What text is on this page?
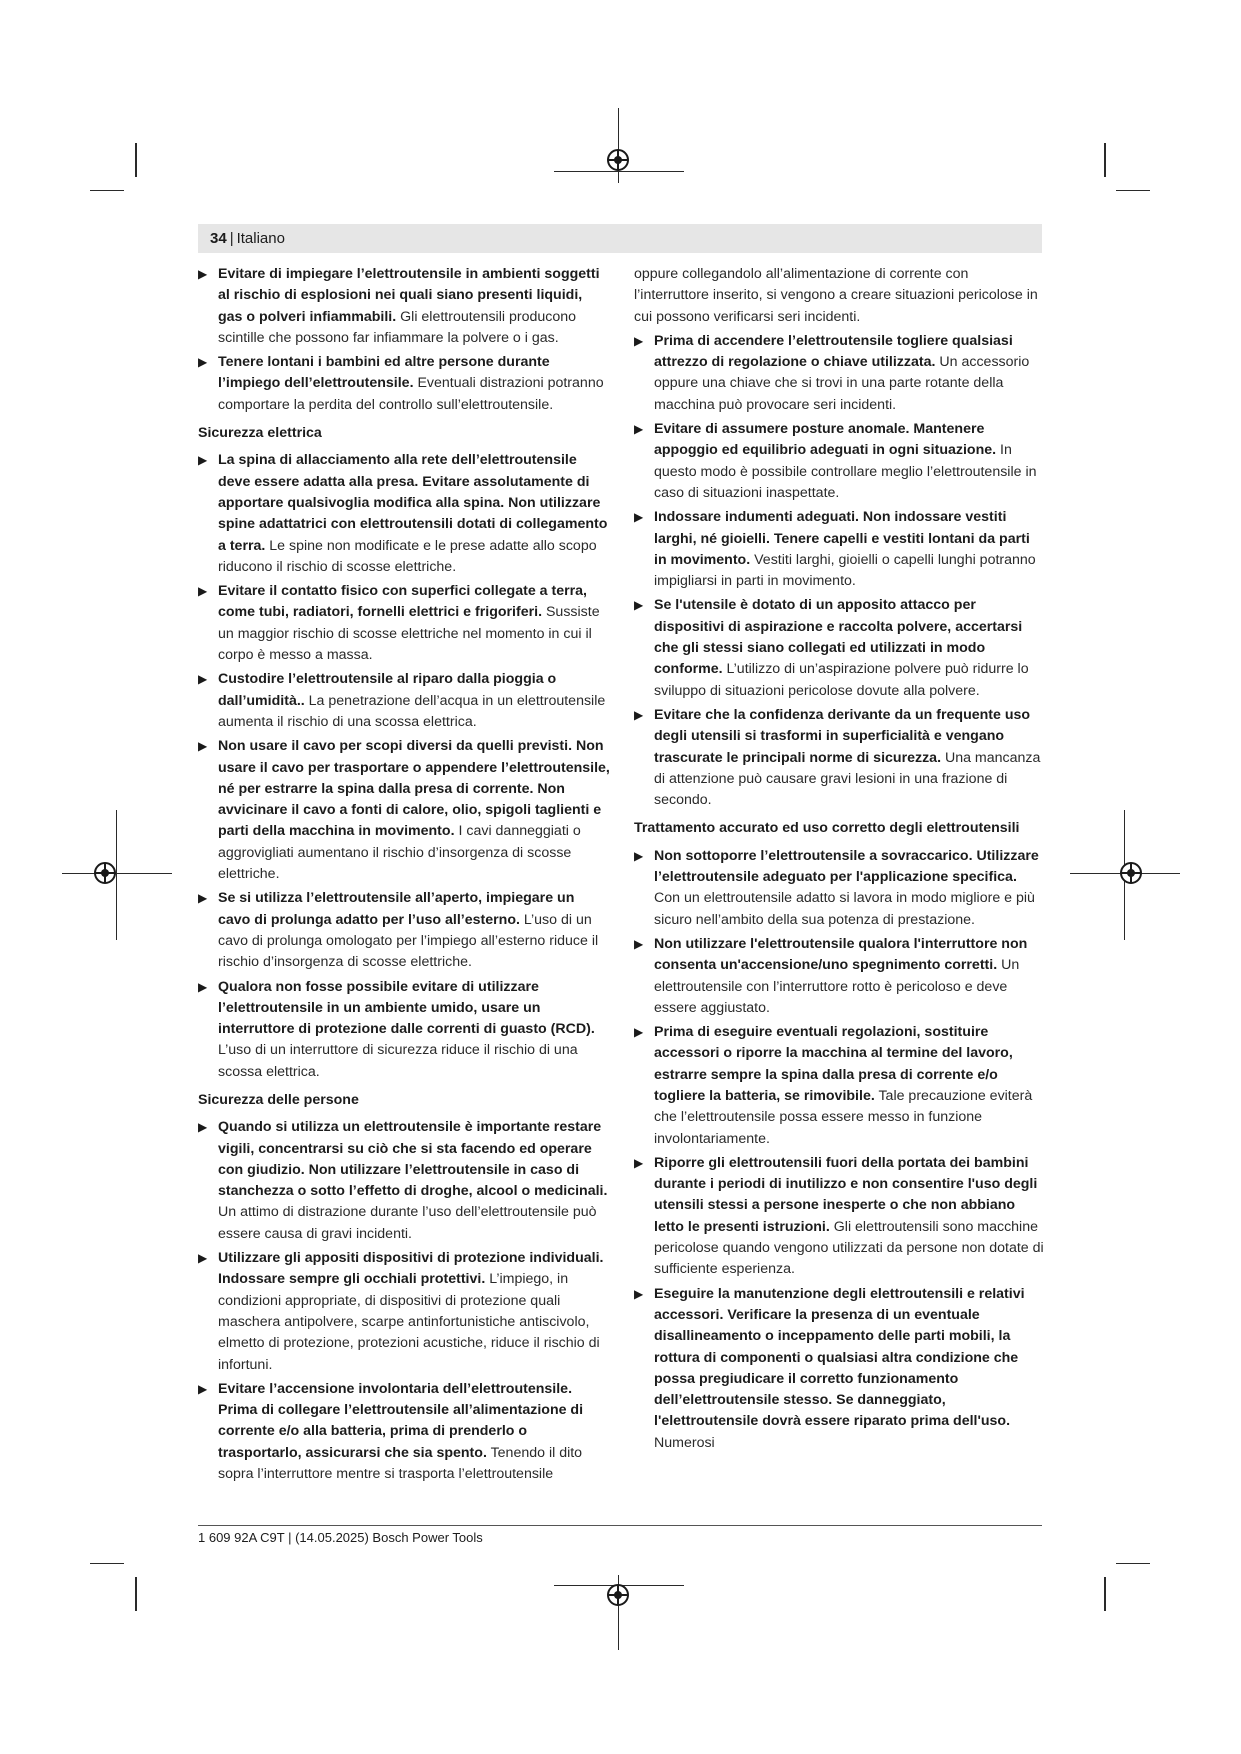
34 | Italiano
▶ Evitare di impiegare l’elettroutensile in ambienti soggetti al rischio di esplosioni nei quali siano presenti liquidi, gas o polveri infiammabili. Gli elettroutensili producono scintille che possono far infiammare la polvere o i gas.
▶ Tenere lontani i bambini ed altre persone durante l’impiego dell’elettroutensile. Eventuali distrazioni potranno comportare la perdita del controllo sull’elettroutensile.
Sicurezza elettrica
▶ La spina di allacciamento alla rete dell’elettroutensile deve essere adatta alla presa. Evitare assolutamente di apportare qualsivoglia modifica alla spina. Non utilizzare spine adattatrici con elettroutensili dotati di collegamento a terra. Le spine non modificate e le prese adatte allo scopo riducono il rischio di scosse elettriche.
▶ Evitare il contatto fisico con superfici collegate a terra, come tubi, radiatori, fornelli elettrici e frigoriferi. Sussiste un maggior rischio di scosse elettriche nel momento in cui il corpo è messo a massa.
▶ Custodire l’elettroutensile al riparo dalla pioggia o dall’umidità.. La penetrazione dell’acqua in un elettroutensile aumenta il rischio di una scossa elettrica.
▶ Non usare il cavo per scopi diversi da quelli previsti. Non usare il cavo per trasportare o appendere l’elettroutensile, né per estrarre la spina dalla presa di corrente. Non avvicinare il cavo a fonti di calore, olio, spigoli taglienti e parti della macchina in movimento. I cavi danneggiati o aggrovigliati aumentano il rischio d’insorgenza di scosse elettriche.
▶ Se si utilizza l’elettroutensile all’aperto, impiegare un cavo di prolunga adatto per l’uso all’esterno. L’uso di un cavo di prolunga omologato per l’impiego all’esterno riduce il rischio d’insorgenza di scosse elettriche.
▶ Qualora non fosse possibile evitare di utilizzare l’elettroutensile in un ambiente umido, usare un interruttore di protezione dalle correnti di guasto (RCD). L’uso di un interruttore di sicurezza riduce il rischio di una scossa elettrica.
Sicurezza delle persone
▶ Quando si utilizza un elettroutensile è importante restare vigili, concentrarsi su ciò che si sta facendo ed operare con giudizio. Non utilizzare l’elettroutensile in caso di stanchezza o sotto l’effetto di droghe, alcool o medicinali. Un attimo di distrazione durante l’uso dell’elettroutensile può essere causa di gravi incidenti.
▶ Utilizzare gli appositi dispositivi di protezione individuali. Indossare sempre gli occhiali protettivi. L’impiego, in condizioni appropriate, di dispositivi di protezione quali maschera antipolvere, scarpe antinfortunistiche antiscivolo, elmetto di protezione, protezioni acustiche, riduce il rischio di infortuni.
▶ Evitare l’accensione involontaria dell’elettroutensile. Prima di collegare l’elettroutensile all’alimentazione di corrente e/o alla batteria, prima di prenderlo o trasportarlo, assicurarsi che sia spento. Tenendo il dito sopra l’interruttore mentre si trasporta l’elettroutensile
oppure collegandolo all’alimentazione di corrente con l’interruttore inserito, si vengono a creare situazioni pericolose in cui possono verificarsi seri incidenti.
▶ Prima di accendere l’elettroutensile togliere qualsiasi attrezzo di regolazione o chiave utilizzata. Un accessorio oppure una chiave che si trovi in una parte rotante della macchina può provocare seri incidenti.
▶ Evitare di assumere posture anomale. Mantenere appoggio ed equilibrio adeguati in ogni situazione. In questo modo è possibile controllare meglio l’elettroutensile in caso di situazioni inaspettate.
▶ Indossare indumenti adeguati. Non indossare vestiti larghi, né gioielli. Tenere capelli e vestiti lontani da parti in movimento. Vestiti larghi, gioielli o capelli lunghi potranno impigliarsi in parti in movimento.
▶ Se l'utensile è dotato di un apposito attacco per dispositivi di aspirazione e raccolta polvere, accertarsi che gli stessi siano collegati ed utilizzati in modo conforme. L’utilizzo di un’aspirazione polvere può ridurre lo sviluppo di situazioni pericolose dovute alla polvere.
▶ Evitare che la confidenza derivante da un frequente uso degli utensili si trasformi in superficialità e vengano trascurate le principali norme di sicurezza. Una mancanza di attenzione può causare gravi lesioni in una frazione di secondo.
Trattamento accurato ed uso corretto degli elettroutensili
▶ Non sottoporre l’elettroutensile a sovraccarico. Utilizzare l’elettroutensile adeguato per l'applicazione specifica. Con un elettroutensile adatto si lavora in modo migliore e più sicuro nell’ambito della sua potenza di prestazione.
▶ Non utilizzare l'elettroutensile qualora l'interruttore non consenta un'accensione/uno spegnimento corretti. Un elettroutensile con l’interruttore rotto è pericoloso e deve essere aggiustato.
▶ Prima di eseguire eventuali regolazioni, sostituire accessori o riporre la macchina al termine del lavoro, estrarre sempre la spina dalla presa di corrente e/o togliere la batteria, se rimovibile. Tale precauzione eviterà che l’elettroutensile possa essere messo in funzione involontariamente.
▶ Riporre gli elettroutensili fuori della portata dei bambini durante i periodi di inutilizzo e non consentire l'uso degli utensili stessi a persone inesperte o che non abbiano letto le presenti istruzioni. Gli elettroutensili sono macchine pericolose quando vengono utilizzati da persone non dotate di sufficiente esperienza.
▶ Eseguire la manutenzione degli elettroutensili e relativi accessori. Verificare la presenza di un eventuale disallineamento o inceppamento delle parti mobili, la rottura di componenti o qualsiasi altra condizione che possa pregiudicare il corretto funzionamento dell’elettroutensile stesso. Se danneggiato, l'elettroutensile dovrà essere riparato prima dell'uso. Numerosi
1 609 92A C9T | (14.05.2025) Bosch Power Tools
